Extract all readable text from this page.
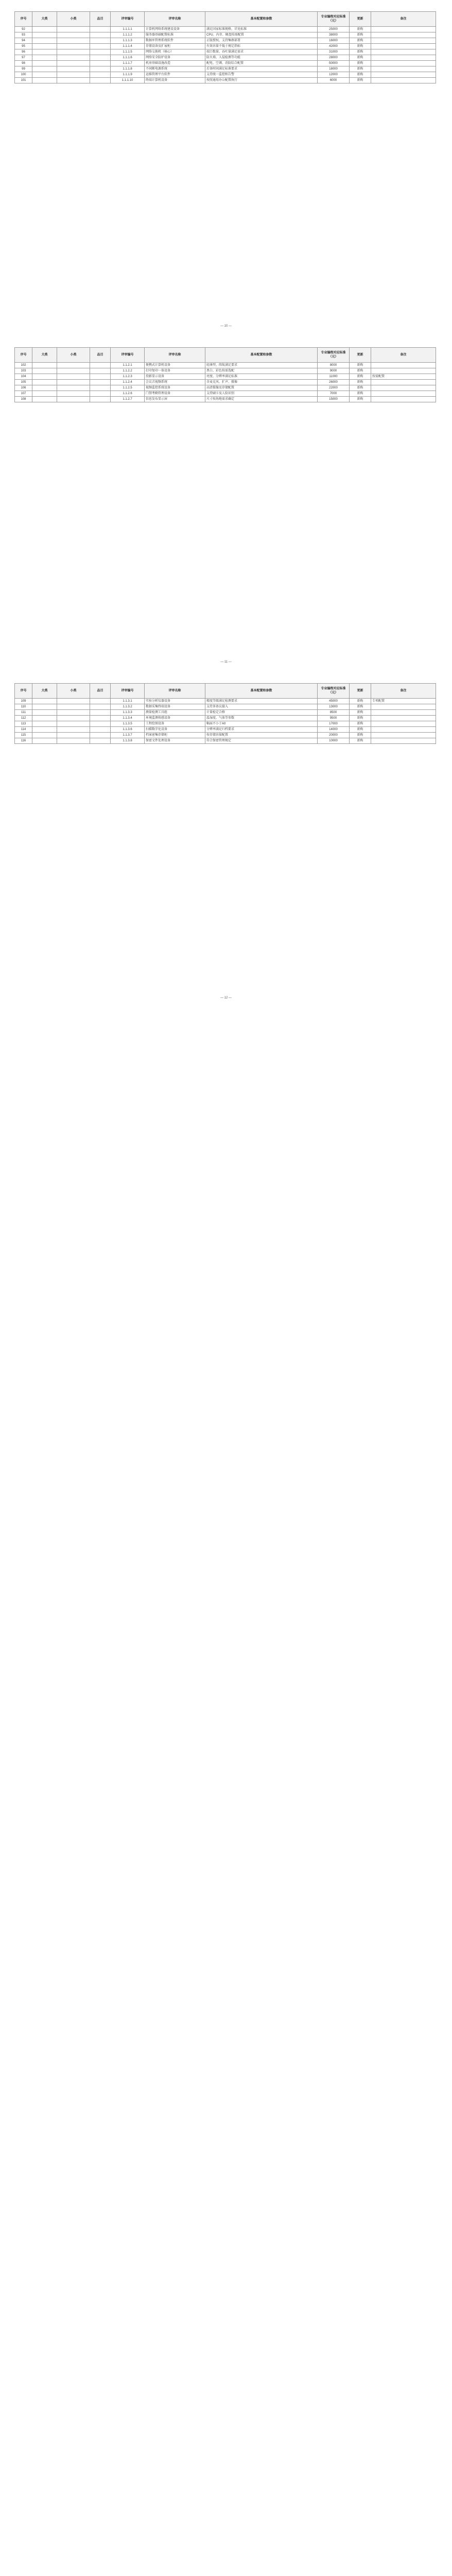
序号	大类	小类	品目	评审编号	评审名称	基本配置和参数	专业编程对应标准（元）	更新	备注
92				1.1.1.1	计算机网络系统建设设备	满足国家标准规格，详见标准	25000	新购	
93				1.1.1.2	服务器基础配置标准	CPU、内存、硬盘按需配置	38000	新购	
94				1.1.1.3	数据库管理系统软件	正版授权，支持集群部署	16000	新购	
95				1.1.1.4	存储设备及扩展柜	有效容量不低于规定指标	42000	新购	
96				1.1.1.5	网络交换机（核心）	端口数量、吞吐量满足需求	31000	新购	
97				1.1.1.6	网络安全防护设备	防火墙、入侵检测等功能	28000	新购	
98				1.1.1.7	机房基础设施改造	配电、空调、消防综合配置	50000	新购	
99				1.1.1.8	不间断电源系统	后备时间满足标准要求	18000	新购	
100				1.1.1.9	运维管理平台软件	支持统一监控和告警	12000	新购	
101				1.1.1.10	终端计算机设备	按照通用办公配置执行	6000	新购	
— 10 —
序号	大类	小类	品目	评审编号	评审名称	基本配置和参数	专业编程对应标准（元）	更新	备注
102				1.1.2.1	便携式计算机设备	轻薄型，续航满足要求	8000	新购	
103				1.1.2.2	打印复印一体设备	黑白、彩色按需选配	9000	新购	
104				1.1.2.3	投影显示设备	亮度、分辨率满足标准	11000	新购	按需配置
105				1.1.2.4	会议音视频系统	含麦克风、扩声、摄像	26000	新购	
106				1.1.2.5	视频监控系统设备	高清摄像及存储配置	22000	新购	
107				1.1.2.6	门禁考勤管理设备	支持刷卡及人脸识别	7000	新购	
108				1.1.2.7	信息发布显示屏	尺寸按场地需求确定	15000	新购	
— 11 —
序号	大类	小类	品目	评审编号	评审名称	基本配置和参数	专业编程对应标准（元）	更新	备注
109				1.1.3.1	实验分析仪器设备	精度等级满足检测要求	45000	新购	专项配置
110				1.1.3.2	数据采集终端设备	支持多协议接入	13000	新购	
111				1.1.3.3	测量检测工具组	计量检定合格	8500	新购	
112				1.1.3.4	环境监测传感设备	温湿度、气体等参数	9500	新购	
113				1.1.3.5	工程绘图设备	幅面不小于A0	17000	新购	
114				1.1.3.6	扫描数字化设备	分辨率满足归档要求	14000	新购	
115				1.1.3.7	档案密集存储柜	按存储容量配置	20000	新购	
116				1.1.3.8	保密文件处理设备	符合保密管理规定	10000	新购	
— 12 —
